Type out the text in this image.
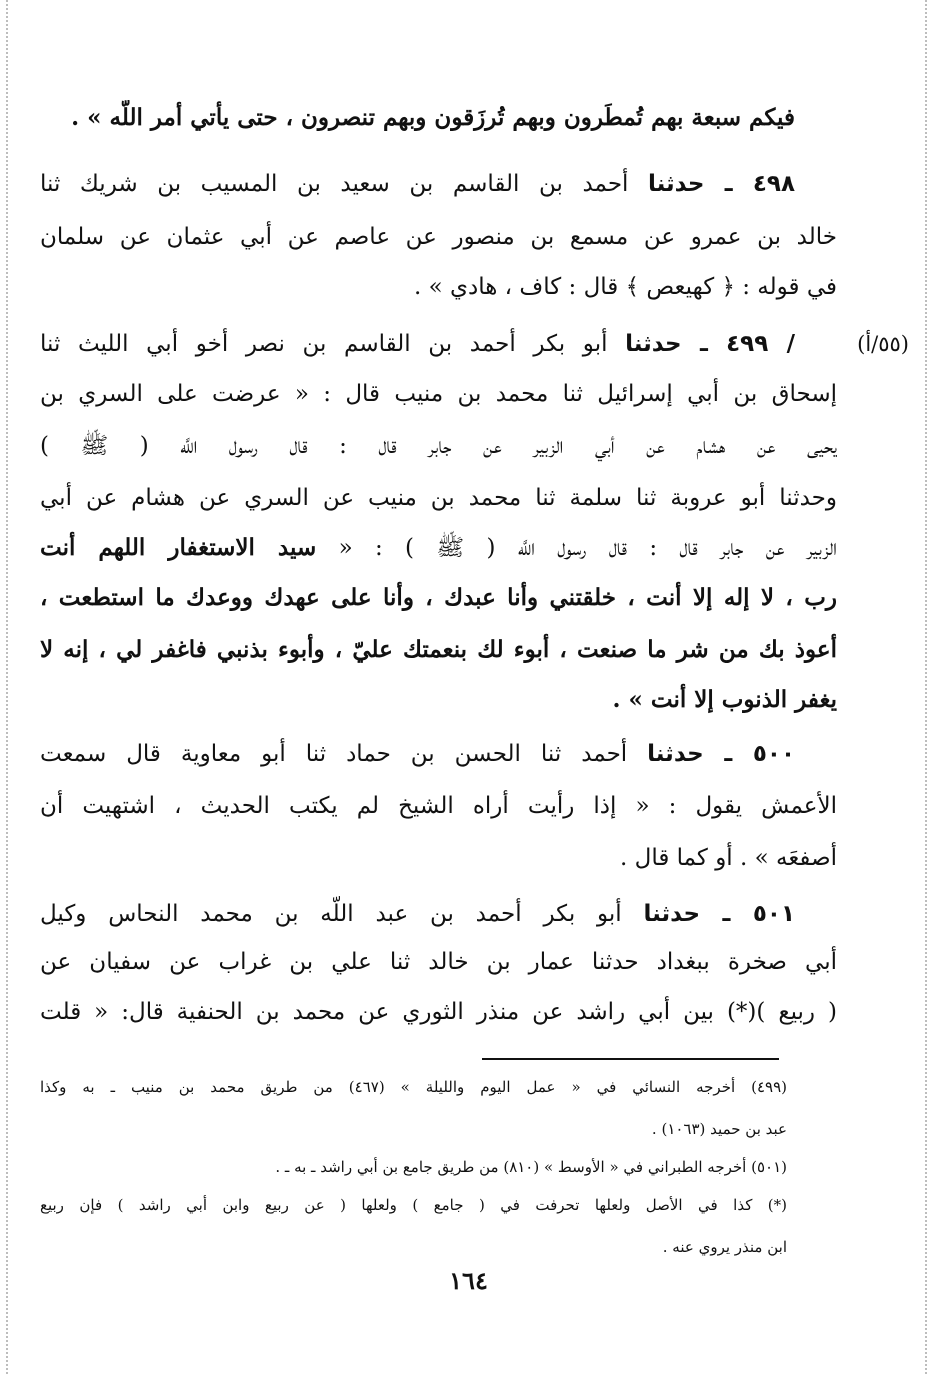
فيكم سبعة بهم تُمطَرون وبهم تُرزَقون وبهم تنصرون ، حتى يأتي أمر اللَّه » .
٤٩٨ ـ حدثنا أحمد بن القاسم بن سعيد بن المسيب بن شريك ثنا
خالد بن عمرو عن مسمع بن منصور عن عاصم عن أبي عثمان عن سلمان
في قوله : ﴿ كهيعص ﴾ قال : كاف ، هادي » .
(٥٥/أ)
/ ٤٩٩ ـ حدثنا أبو بكر أحمد بن القاسم بن نصر أخو أبي الليث ثنا
إسحاق بن أبي إسرائيل ثنا محمد بن منيب قال : « عرضت على السري بن
يحيى عن هشام عن أبي الزبير عن جابر قال : قال رسول اللَّه ( ﷺ )
وحدثنا أبو عروبة ثنا سلمة ثنا محمد بن منيب عن السري عن هشام عن أبي
الزبير عن جابر قال : قال رسول اللَّه ( ﷺ ) : « سيد الاستغفار اللهم أنت
رب ، لا إله إلا أنت ، خلقتني وأنا عبدك ، وأنا على عهدك ووعدك ما استطعت ،
أعوذ بك من شر ما صنعت ، أبوء لك بنعمتك عليّ ، وأبوء بذنبي فاغفر لي ، إنه لا
يغفر الذنوب إلا أنت » .
٥٠٠ ـ حدثنا أحمد ثنا الحسن بن حماد ثنا أبو معاوية قال سمعت
الأعمش يقول : « إذا رأيت أراه الشيخ لم يكتب الحديث ، اشتهيت أن
أصفعَه » . أو كما قال .
٥٠١ ـ حدثنا أبو بكر أحمد بن عبد اللَّه بن محمد النحاس وكيل
أبي صخرة ببغداد حدثنا عمار بن خالد ثنا علي بن غراب عن سفيان عن
( ربيع )(*) بين أبي راشد عن منذر الثوري عن محمد بن الحنفية قال: « قلت
(٤٩٩) أخرجه النسائي في « عمل اليوم والليلة » (٤٦٧) من طريق محمد بن منيب ـ به وكذا
عبد بن حميد (١٠٦٣) .
(٥٠١) أخرجه الطبراني في « الأوسط » (٨١٠) من طريق جامع بن أبي راشد ـ به ـ .
(*) كذا في الأصل ولعلها تحرفت في ( جامع ) ولعلها ( عن ربيع وابن أبي راشد ) فإن ربيع
ابن منذر يروي عنه .
١٦٤
